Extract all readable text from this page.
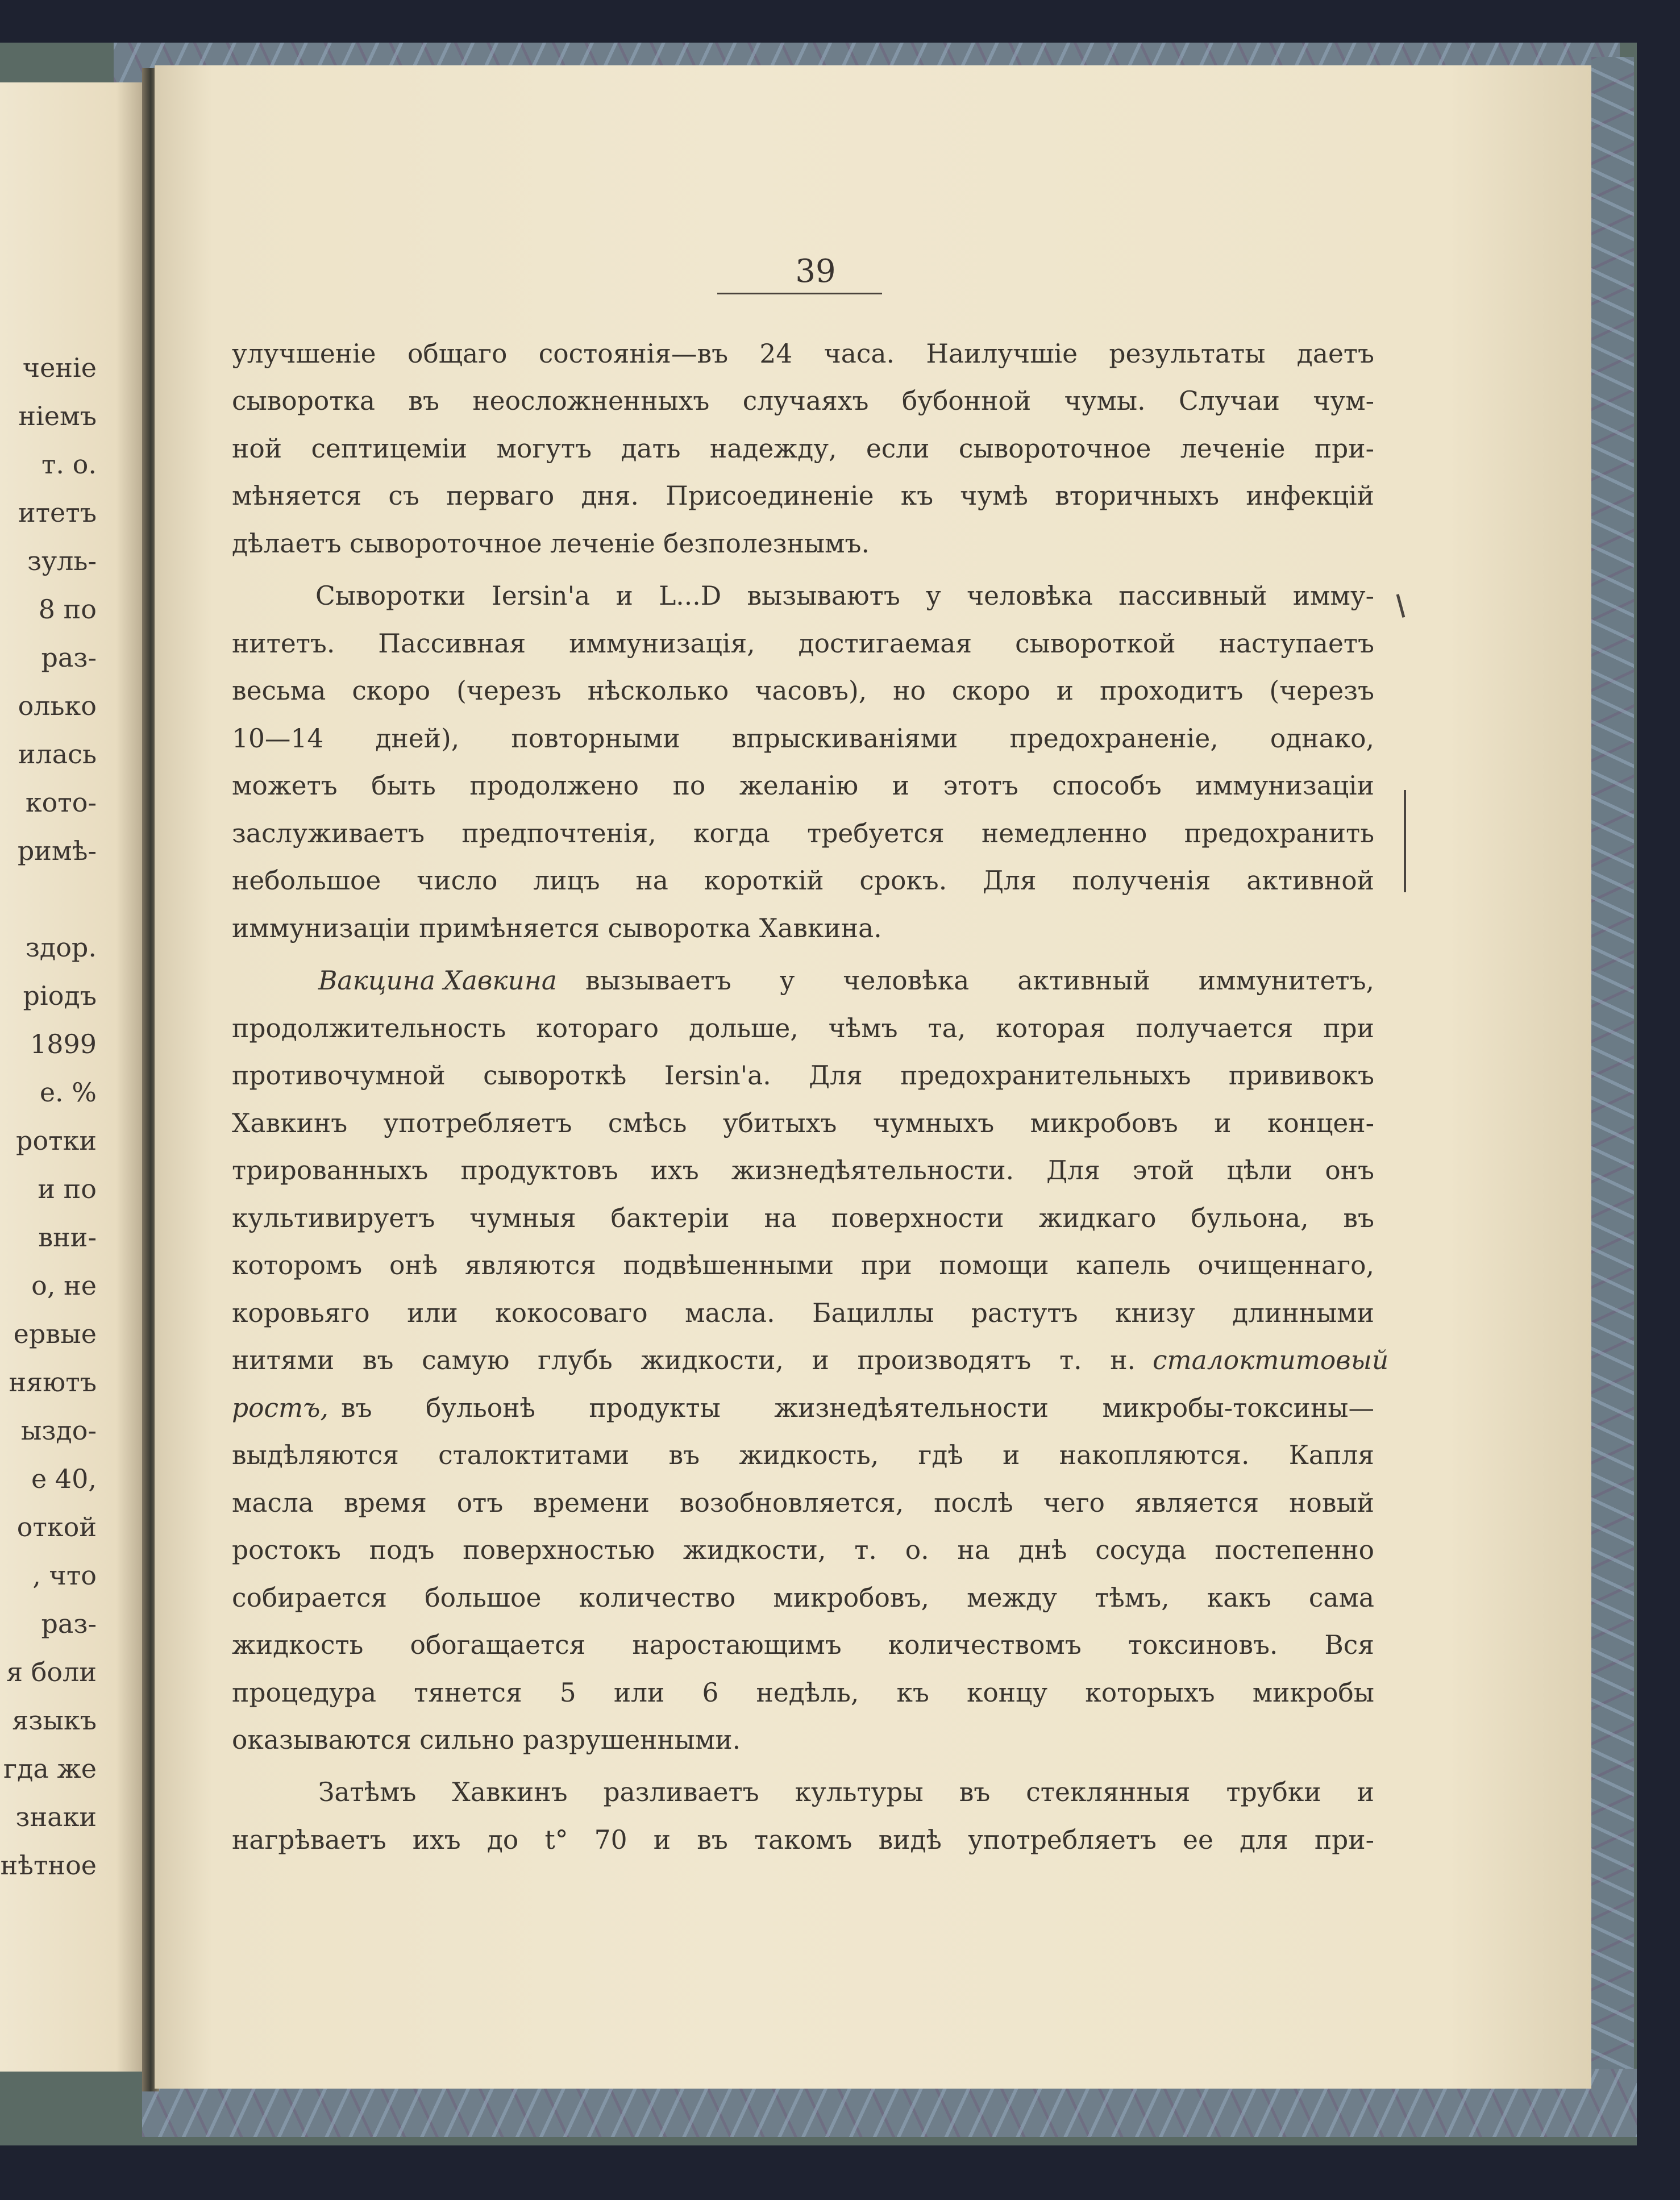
ченіе
ніемъ
т. о.
итетъ
зуль-
8 по
раз-
олько
илась
кото-
римѣ-
здор.
ріодъ
1899
е. %
ротки
и по
вни-
о, не
ервые
няютъ
ыздо-
е 40,
откой
, что
раз-
я боли
языкъ
гда же
знаки
нѣтное
39
улучшеніе общаго состоянія—въ 24 часа. Наилучшіе результаты даетъ
сыворотка въ неосложненныхъ случаяхъ бубонной чумы. Случаи чум-
ной септицеміи могутъ дать надежду, если сывороточное леченіе при-
мѣняется съ перваго дня. Присоединеніе къ чумѣ вторичныхъ инфекцій
дѣлаетъ сывороточное леченіе безполезнымъ.
Сыворотки Iersin'а и L...D вызываютъ у человѣка пассивный имму-
нитетъ. Пассивная иммунизація, достигаемая сывороткой наступаетъ
весьма скоро (черезъ нѣсколько часовъ), но скоро и проходитъ (черезъ
10—14 дней), повторными впрыскиваніями предохраненіе, однако,
можетъ быть продолжено по желанію и этотъ способъ иммунизаціи
заслуживаетъ предпочтенія, когда требуется немедленно предохранить
небольшое число лицъ на короткій срокъ. Для полученія активной
иммунизаціи примѣняется сыворотка Хавкина.
Вакцина Хавкина вызываетъ у человѣка активный иммунитетъ,
продолжительность котораго дольше, чѣмъ та, которая получается при
противочумной сывороткѣ Iersin'а. Для предохранительныхъ прививокъ
Хавкинъ употребляетъ смѣсь убитыхъ чумныхъ микробовъ и концен-
трированныхъ продуктовъ ихъ жизнедѣятельности. Для этой цѣли онъ
культивируетъ чумныя бактеріи на поверхности жидкаго бульона, въ
которомъ онѣ являются подвѣшенными при помощи капель очищеннаго,
коровьяго или кокосоваго масла. Бациллы растутъ книзу длинными
нитями въ самую глубь жидкости, и производятъ т. н. сталоктитовый
ростъ, въ бульонѣ продукты жизнедѣятельности микробы-токсины—
выдѣляются сталоктитами въ жидкость, гдѣ и накопляются. Капля
масла время отъ времени возобновляется, послѣ чего является новый
ростокъ подъ поверхностью жидкости, т. о. на днѣ сосуда постепенно
собирается большое количество микробовъ, между тѣмъ, какъ сама
жидкость обогащается наростающимъ количествомъ токсиновъ. Вся
процедура тянется 5 или 6 недѣль, къ концу которыхъ микробы
оказываются сильно разрушенными.
Затѣмъ Хавкинъ разливаетъ культуры въ стеклянныя трубки и
нагрѣваетъ ихъ до t° 70 и въ такомъ видѣ употребляетъ ее для при-
